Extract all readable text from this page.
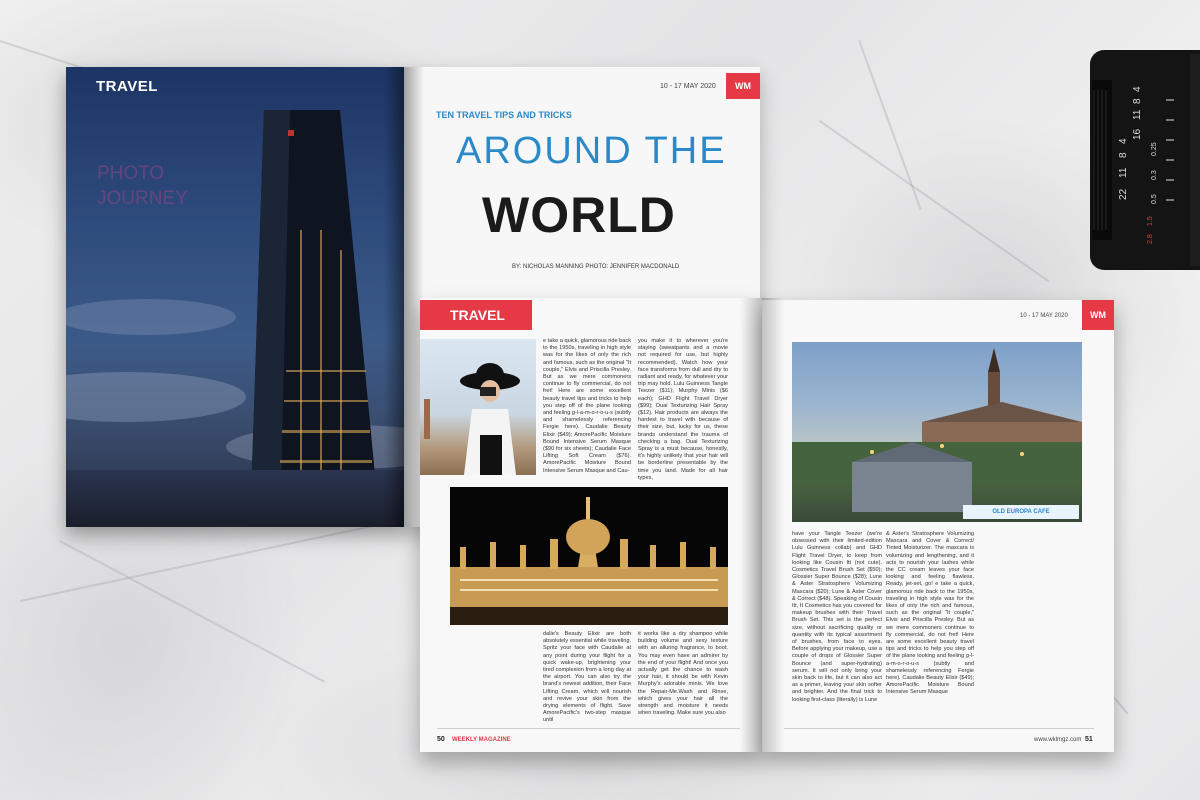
TRAVEL
PHOTO
JOURNEY
10 - 17 MAY 2020	WM
TEN TRAVEL TIPS AND TRICKS
AROUND THE
WORLD
BY: NICHOLAS MANNING PHOTO: JENNIFER MACDONALD
TRAVEL	10 - 17 MAY 2020	WM
OLD EUROPA CAFE
e take a quick, glamorous ride back to the 1950s, traveling in high style was for the likes of only the rich and famous, such as the original "It couple," Elvis and Priscilla Presley. But as we mere commoners continue to fly commercial, do not fret! Here are some excellent beauty travel tips and tricks to help you step off of the plane looking and feeling g-l-a-m-o-r-o-u-s (subtly and shamelessly referencing Fergie here). Caudalie Beauty Elixir ($49); AmorePacific Moisture Bound Intensive Serum Masque ($90 for six sheets); Caudalie Face Lifting Soft Cream ($76). AmorePacific Moisture Bound Intensive Serum Masque and Cau-
you make it to wherever you're staying (sweatpants and a movie not required for use, but highly recommended). Watch how your face transforms from dull and dry to radiant and ready, for whatever your trip may hold. Lulu Guinness Tangle Teezer ($11); Murphy Minis ($6 each); GHD Flight Travel Dryer ($99); Ouai Texturizing Hair Spray ($12). Hair products are always the hardest to travel with because of their size, but, lucky for us, these brands understand the trauma of checking a bag. Ouai Texturizing Spray is a must because, honestly, it's highly unlikely that your hair will be borderline presentable by the time you land. Made for all hair types,
dalie's Beauty Elixir are both absolutely essential while traveling. Spritz your face with Caudalie at any point during your flight for a quick wake-up, brightening your tired complexion from a long day at the airport. You can also try the brand's newest addition, their Face Lifting Cream, which will nourish and revive your skin from the drying elements of flight. Save AmorePacific's two-step masque until
it works like a dry shampoo while building volume and sexy texture with an alluring fragrance, to boot. You may even have an admirer by the end of your flight! And once you actually get the chance to wash your hair, it should be with Kevin Murphy's adorable minis. We love the Repair-Me.Wash and Rinse, which gives your hair all the strength and moisture it needs when traveling. Make sure you also
have your Tangle Teezer (we're obsessed with their limited-edition Lulu Guinness collab) and GHD Flight Travel Dryer, to keep from looking like Cousin Itt (not cute). Cosmetics Travel Brush Set ($50); Glossier Super Bounce ($28); Lune & Aster Stratosphere Volumizing Mascara ($20); Lune & Aster Cover & Correct ($48). Speaking of Cousin Itt, It Cosmetics has you covered for makeup brushes with their Travel Brush Set. This set is the perfect size, without sacrificing quality or quantity with its typical assortment of brushes, from face to eyes. Before applying your makeup, use a couple of drops of Glossier Super Bounce (and super-hydrating) serum. It will not only bring your skin back to life, but it can also act as a primer, leaving your skin softer and brighter. And the final trick to looking first-class (literally) is Lune
& Aster's Stratosphere Volumizing Mascara and Cover & Correct/ Tinted Moisturizer. The mascara is volumizing and lengthening, and it acts to nourish your lashes while the CC cream leaves your face looking and feeling flawless. Ready, jet-set, go! e take a quick, glamorous ride back to the 1950s, traveling in high style was for the likes of only the rich and famous, such as the original "It couple," Elvis and Priscilla Presley. But as we mere commoners continue to fly commercial, do not fret! Here are some excellent beauty travel tips and tricks to help you step off of the plane looking and feeling g-l-a-m-o-r-o-u-s (subtly and shamelessly referencing Fergie here). Caudalie Beauty Elixir ($49); AmorePacific Moisture Bound Intensive Serum Masque
50 WEEKLY MAGAZINE	www.wklmgz.com 51
22
11
8
4
16
11
8
4
0.5
0.3
0.25
2.8
1.5
